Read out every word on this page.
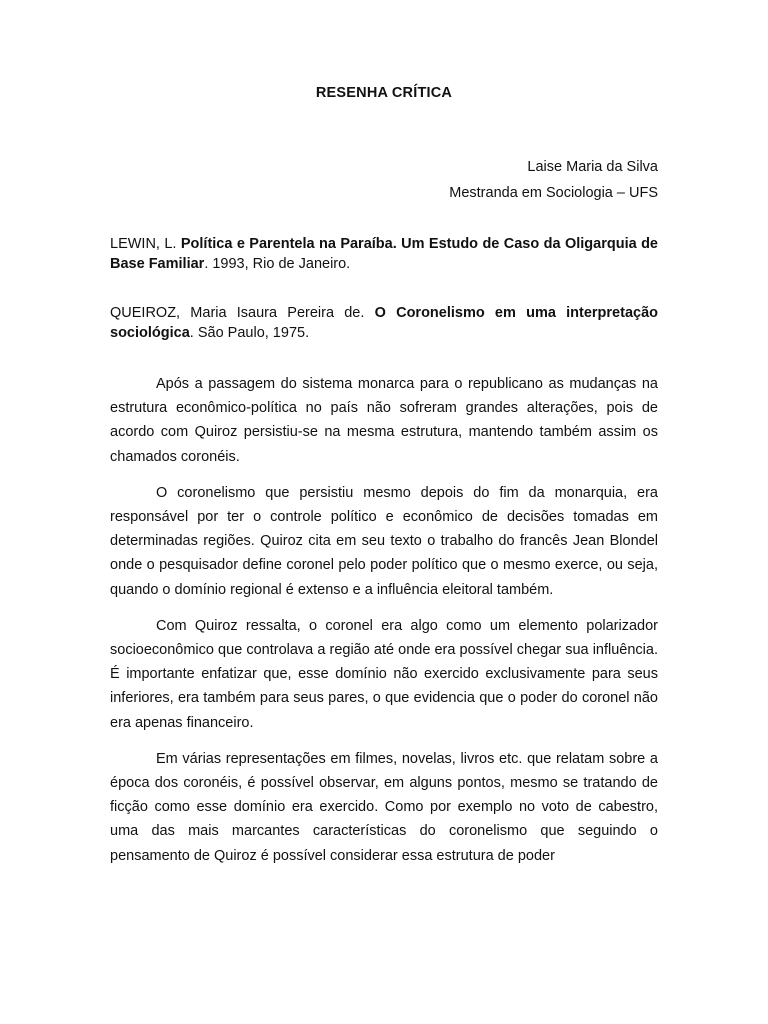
RESENHA CRÍTICA
Laise Maria da Silva
Mestranda em Sociologia – UFS
LEWIN, L. Política e Parentela na Paraíba. Um Estudo de Caso da Oligarquia de Base Familiar. 1993, Rio de Janeiro.
QUEIROZ, Maria Isaura Pereira de. O Coronelismo em uma interpretação sociológica. São Paulo, 1975.

Após a passagem do sistema monarca para o republicano as mudanças na estrutura econômico-política no país não sofreram grandes alterações, pois de acordo com Quiroz persistiu-se na mesma estrutura, mantendo também assim os chamados coronéis.

O coronelismo que persistiu mesmo depois do fim da monarquia, era responsável por ter o controle político e econômico de decisões tomadas em determinadas regiões. Quiroz cita em seu texto o trabalho do francês Jean Blondel onde o pesquisador define coronel pelo poder político que o mesmo exerce, ou seja, quando o domínio regional é extenso e a influência eleitoral também.

Com Quiroz ressalta, o coronel era algo como um elemento polarizador socioeconômico que controlava a região até onde era possível chegar sua influência. É importante enfatizar que, esse domínio não exercido exclusivamente para seus inferiores, era também para seus pares, o que evidencia que o poder do coronel não era apenas financeiro.

Em várias representações em filmes, novelas, livros etc. que relatam sobre a época dos coronéis, é possível observar, em alguns pontos, mesmo se tratando de ficção como esse domínio era exercido. Como por exemplo no voto de cabestro, uma das mais marcantes características do coronelismo que seguindo o pensamento de Quiroz é possível considerar essa estrutura de poder
